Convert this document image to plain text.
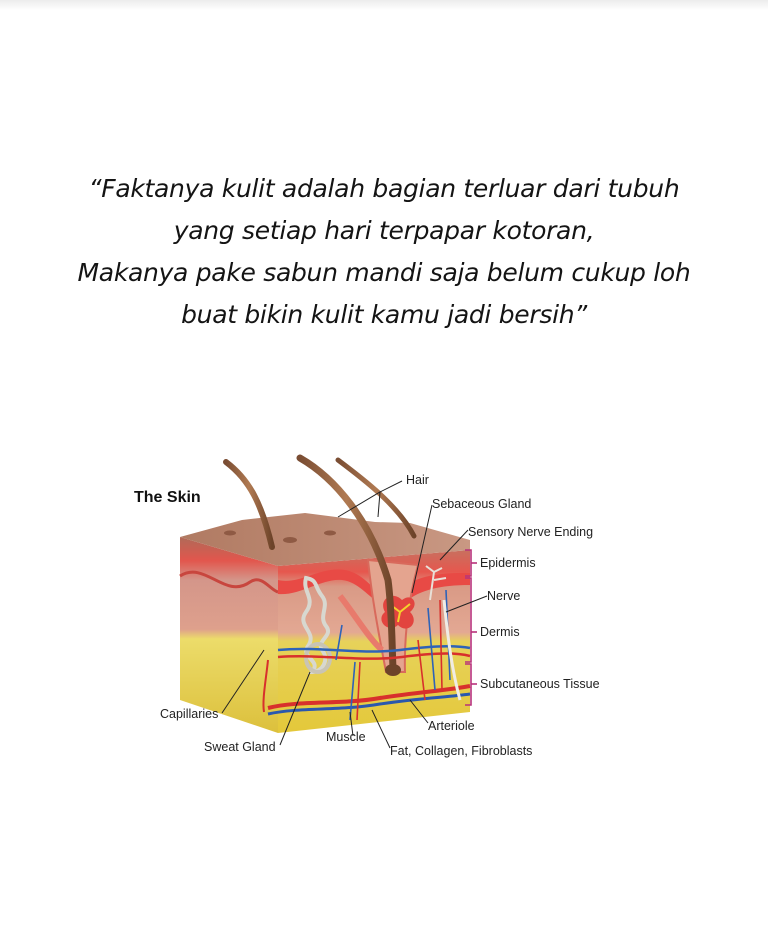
“Faktanya kulit adalah bagian terluar dari tubuh
yang setiap hari terpapar kotoran,
Makanya pake sabun mandi saja belum cukup loh
buat bikin kulit kamu jadi bersih”
The Skin
Hair
Sebaceous Gland
Sensory Nerve Ending
Epidermis
Nerve
Dermis
Subcutaneous Tissue
Capillaries
Sweat Gland
Muscle
Arteriole
Fat, Collagen, Fibroblasts
